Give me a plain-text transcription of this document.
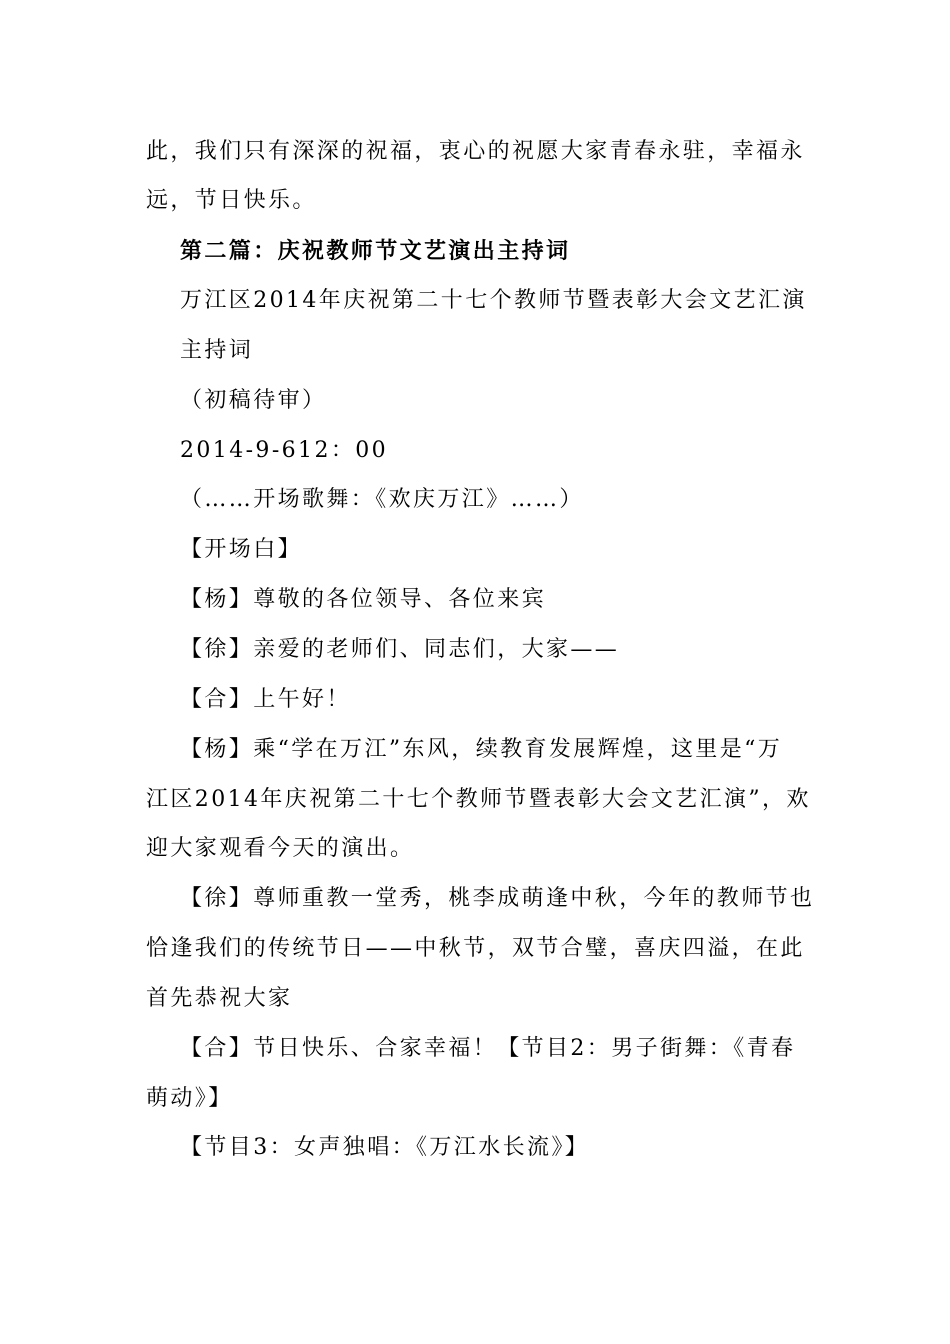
此，我们只有深深的祝福，衷心的祝愿大家青春永驻，幸福永
远，节日快乐。
第二篇：庆祝教师节文艺演出主持词
万江区2014年庆祝第二十七个教师节暨表彰大会文艺汇演
主持词
（初稿待审）
2014-9-612：00
（……开场歌舞：《欢庆万江》……）
【开场白】
【杨】尊敬的各位领导、各位来宾
【徐】亲爱的老师们、同志们，大家——
【合】上午好！
【杨】乘“学在万江”东风，续教育发展辉煌，这里是“万
江区2014年庆祝第二十七个教师节暨表彰大会文艺汇演”，欢
迎大家观看今天的演出。
【徐】尊师重教一堂秀，桃李成萌逢中秋，今年的教师节也
恰逢我们的传统节日——中秋节，双节合璧，喜庆四溢，在此
首先恭祝大家
【合】节日快乐、合家幸福！【节目2：男子街舞：《青春
萌动》】
【节目3：女声独唱：《万江水长流》】
